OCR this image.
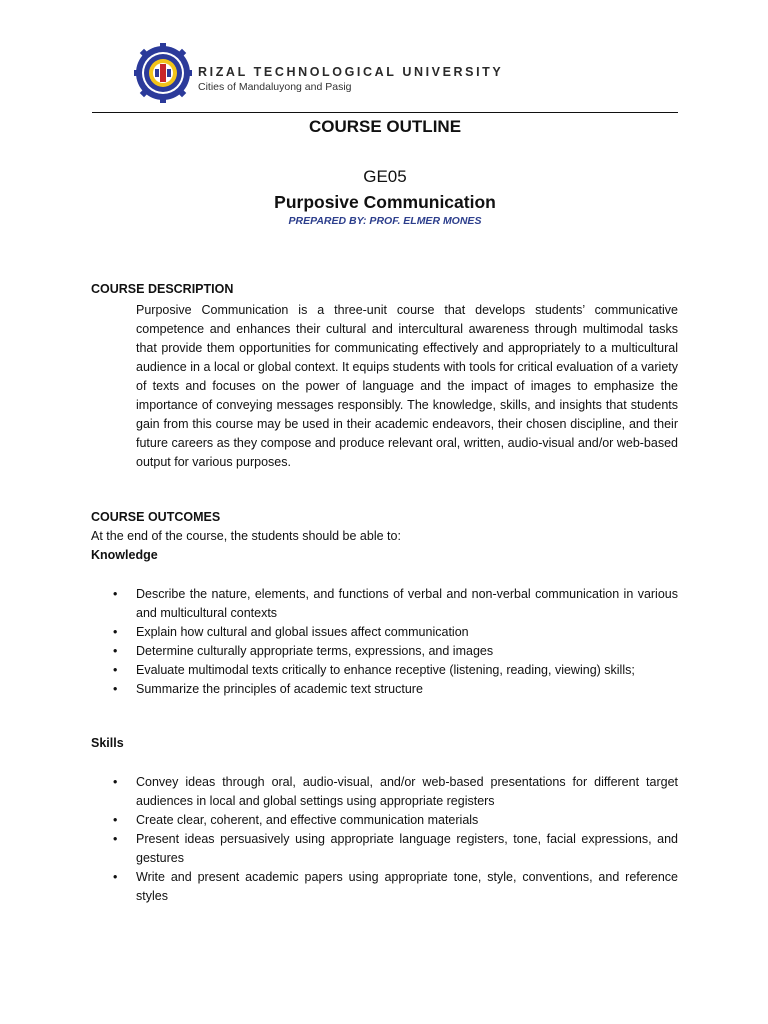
RIZAL TECHNOLOGICAL UNIVERSITY
Cities of Mandaluyong and Pasig
COURSE OUTLINE
GE05
Purposive Communication
PREPARED BY: PROF. ELMER MONES
COURSE DESCRIPTION
Purposive Communication is a three-unit course that develops students’ communicative competence and enhances their cultural and intercultural awareness through multimodal tasks that provide them opportunities for communicating effectively and appropriately to a multicultural audience in a local or global context. It equips students with tools for critical evaluation of a variety of texts and focuses on the power of language and the impact of images to emphasize the importance of conveying messages responsibly. The knowledge, skills, and insights that students gain from this course may be used in their academic endeavors, their chosen discipline, and their future careers as they compose and produce relevant oral, written, audio-visual and/or web-based output for various purposes.
COURSE OUTCOMES
At the end of the course, the students should be able to:
Knowledge
• Describe the nature, elements, and functions of verbal and non-verbal communication in various and multicultural contexts
• Explain how cultural and global issues affect communication
• Determine culturally appropriate terms, expressions, and images
• Evaluate multimodal texts critically to enhance receptive (listening, reading, viewing) skills;
• Summarize the principles of academic text structure
Skills
• Convey ideas through oral, audio-visual, and/or web-based presentations for different target audiences in local and global settings using appropriate registers
• Create clear, coherent, and effective communication materials
• Present ideas persuasively using appropriate language registers, tone, facial expressions, and gestures
• Write and present academic papers using appropriate tone, style, conventions, and reference styles
